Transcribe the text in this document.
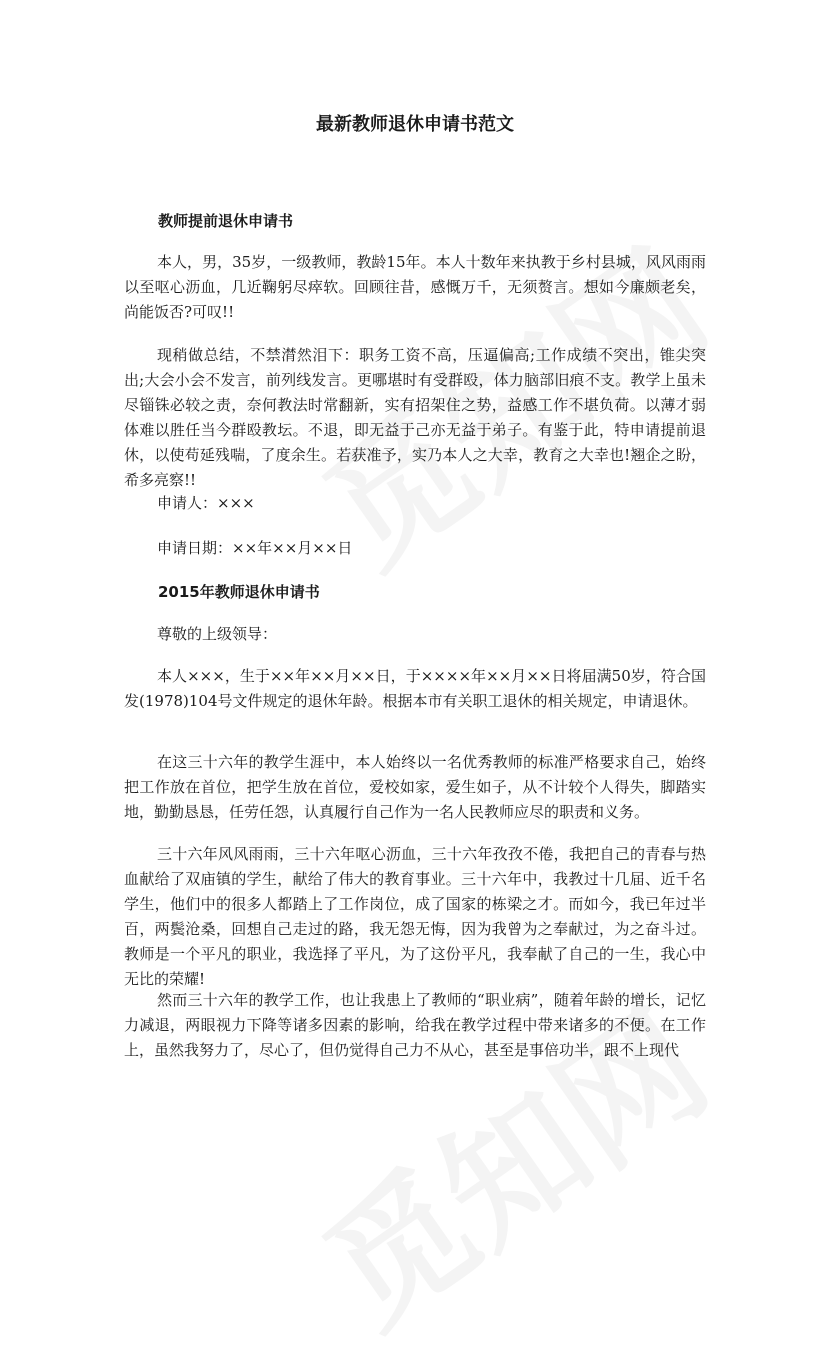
最新教师退休申请书范文
教师提前退休申请书

本人，男，35岁，一级教师，教龄15年。本人十数年来执教于乡村县城，风风雨雨以至呕心沥血，几近鞠躬尽瘁软。回顾往昔，感慨万千，无须赘言。想如今廉颇老矣，尚能饭否?可叹!!

现稍做总结，不禁潸然泪下：职务工资不高，压逼偏高;工作成绩不突出，锥尖突出;大会小会不发言，前列线发言。更哪堪时有受群殴，体力脑部旧痕不支。教学上虽未尽锱铢必较之责，奈何教法时常翻新，实有招架住之势，益感工作不堪负荷。以薄才弱体难以胜任当今群殴教坛。不退，即无益于己亦无益于弟子。有鉴于此，特申请提前退休，以使苟延残喘，了度余生。若获准予，实乃本人之大幸，教育之大幸也!翘企之盼，希多亮察!!

申请人：×××
申请日期：××年××月××日
2015年教师退休申请书
尊敬的上级领导：

本人×××，生于××年××月××日，于××××年××月××日将届满50岁，符合国发(1978)104号文件规定的退休年龄。根据本市有关职工退休的相关规定，申请退休。

在这三十六年的教学生涯中，本人始终以一名优秀教师的标准严格要求自己，始终把工作放在首位，把学生放在首位，爱校如家，爱生如子，从不计较个人得失，脚踏实地，勤勤恳恳，任劳任怨，认真履行自己作为一名人民教师应尽的职责和义务。

三十六年风风雨雨，三十六年呕心沥血，三十六年孜孜不倦，我把自己的青春与热血献给了双庙镇的学生，献给了伟大的教育事业。三十六年中，我教过十几届、近千名学生，他们中的很多人都踏上了工作岗位，成了国家的栋梁之才。而如今，我已年过半百，两鬓沧桑，回想自己走过的路，我无怨无悔，因为我曾为之奉献过，为之奋斗过。教师是一个平凡的职业，我选择了平凡，为了这份平凡，我奉献了自己的一生，我心中无比的荣耀!

然而三十六年的教学工作，也让我患上了教师的“职业病”，随着年龄的增长，记忆力减退，两眼视力下降等诸多因素的影响，给我在教学过程中带来诸多的不便。在工作上，虽然我努力了，尽心了，但仍觉得自己力不从心，甚至是事倍功半，跟不上现代
